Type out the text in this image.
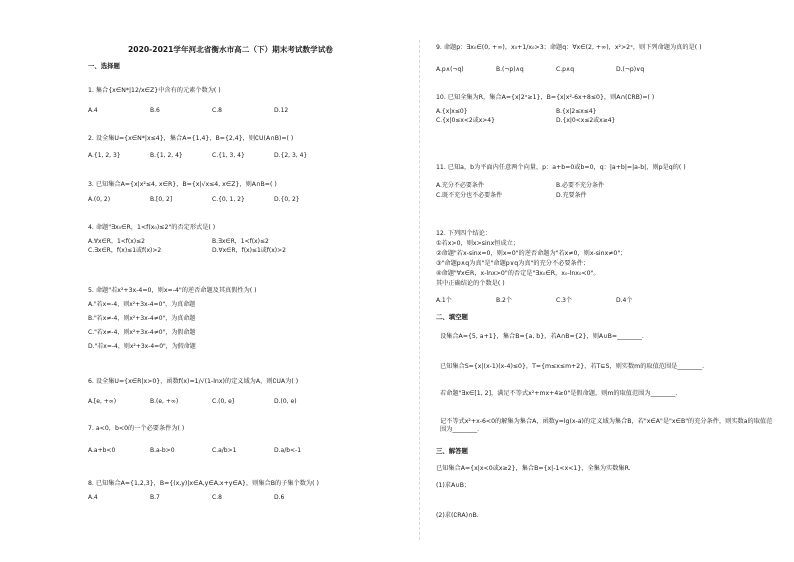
2020-2021学年河北省衡水市高二（下）期末考试数学试卷
一、选择题
1. 集合{x∈N*|12/x∈Z}中含有的元素个数为( )
A.4	B.6	C.8	D.12
2. 设全集U={x∈N*|x≤4}，集合A={1,4}，B={2,4}，则∁U(A∩B)=( )
A.{1, 2, 3}	B.{1, 2, 4}	C.{1, 3, 4}	D.{2, 3, 4}
3. 已知集合A={x|x²≤4, x∈R}，B={x|√x≤4, x∈Z}，则A∩B=( )
A.(0, 2)	B.[0, 2]	C.{0, 1, 2}	D.{0, 2}
4. 命题"∃x₀∈R，1<f(x₀)≤2"的否定形式是( )
A.∀x∈R，1<f(x)≤2	B.∃x∈R，1<f(x)≤2
C.∃x∈R，f(x)≤1或f(x)>2	D.∀x∈R，f(x)≤1或f(x)>2
5. 命题"若x²+3x-4=0，则x=-4"的逆否命题及其真假性为( )
A."若x=-4，则x²+3x-4=0"，为真命题
B."若x≠-4，则x²+3x-4≠0"，为真命题
C."若x≠-4，则x²+3x-4≠0"，为假命题
D."若x=-4，则x²+3x-4=0"，为假命题
6. 设全集U={x∈R|x>0}，函数f(x)=1/√(1-lnx)的定义域为A，则∁UA为( )
A.[e, +∞)	B.(e, +∞)	C.(0, e]	D.(0, e)
7. a<0，b<0的一个必要条件为( )
A.a+b<0	B.a-b>0	C.a/b>1	D.a/b<-1
8. 已知集合A={1,2,3}，B={(x,y)|x∈A,y∈A,x+y∈A}，则集合B的子集个数为( )
A.4	B.7	C.8	D.6
9. 命题p：∃x₀∈(0, +∞)，x₀+1/x₀>3；命题q：∀x∈(2, +∞)，x²>2ˣ，则下列命题为真的是( )
A.p∧(¬q)	B.(¬p)∧q	C.p∧q	D.(¬p)∨q
10. 已知全集为R，集合A={x|2ˣ≥1}，B={x|x²-6x+8≤0}，则A∩(∁RB)=( )
A.{x|x≤0}	B.{x|2≤x≤4}
C.{x|0≤x<2或x>4}	D.{x|0<x≤2或x≥4}
11. 已知a，b为平面内任意两个向量，p：a+b=0或b=0，q：|a+b|=|a-b|，则p是q的( )
A.充分不必要条件	B.必要不充分条件
C.既不充分也不必要条件	D.充要条件
12. 下列四个结论：
①若x>0，则x>sinx恒成立；
②命题"若x-sinx=0，则x=0"的逆否命题为"若x≠0，则x-sinx≠0"；
③"命题p∧q为真"是"命题p∨q为真"的充分不必要条件；
④命题"∀x∈R，x-lnx>0"的否定是"∃x₀∈R，x₀-lnx₀<0"。
其中正确结论的个数是( )
A.1个	B.2个	C.3个	D.4个
二、填空题
设集合A={5, a+1}，集合B={a, b}，若A∩B={2}，则A∪B=________.
已知集合S={x|(x-1)(x-4)≤0}，T={m≤x≤m+2}，若T⊆S，则实数m的取值范围是________.
若命题"∃x∈[1, 2]，满足不等式x²+mx+4≥0"是假命题，则m的取值范围为________.
记不等式x²+x-6<0的解集为集合A，函数y=lg(x-a)的定义域为集合B，若"x∈A"是"x∈B"的充分条件，则实数a的取值范围为________.
三、解答题
已知集合A={x|x<0或x≥2}，集合B={x|-1<x<1}，全集为实数集R.
(1)求A∪B；
(2)求(∁RA)∩B.
